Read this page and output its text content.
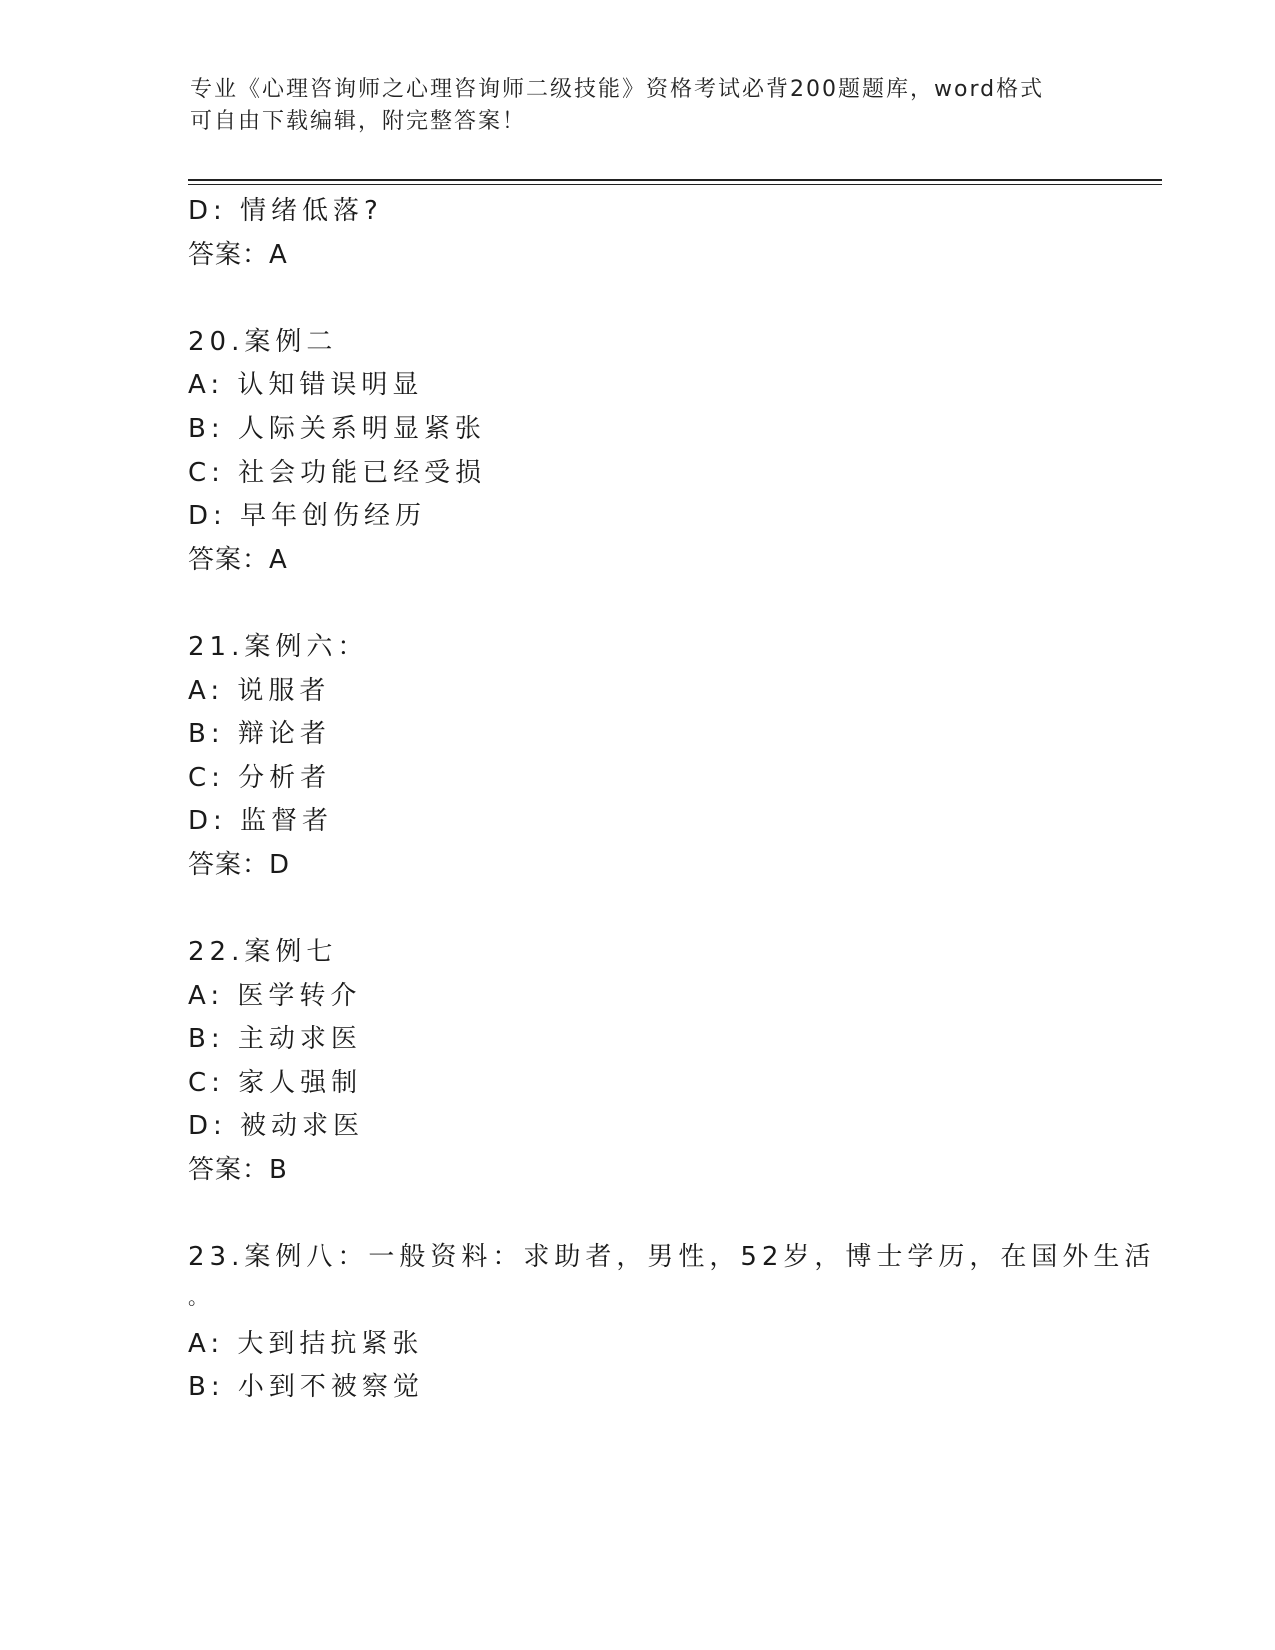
专业《心理咨询师之心理咨询师二级技能》资格考试必背200题题库，word格式
可自由下载编辑，附完整答案！
D: 情绪低落?
答案：A
20.案例二
A: 认知错误明显
B: 人际关系明显紧张
C: 社会功能已经受损
D: 早年创伤经历
答案：A
21.案例六：
A: 说服者
B: 辩论者
C: 分析者
D: 监督者
答案：D
22.案例七
A: 医学转介
B: 主动求医
C: 家人强制
D: 被动求医
答案：B
23.案例八：一般资料：求助者，男性，52岁，博士学历，在国外生活
。
A: 大到拮抗紧张
B: 小到不被察觉
